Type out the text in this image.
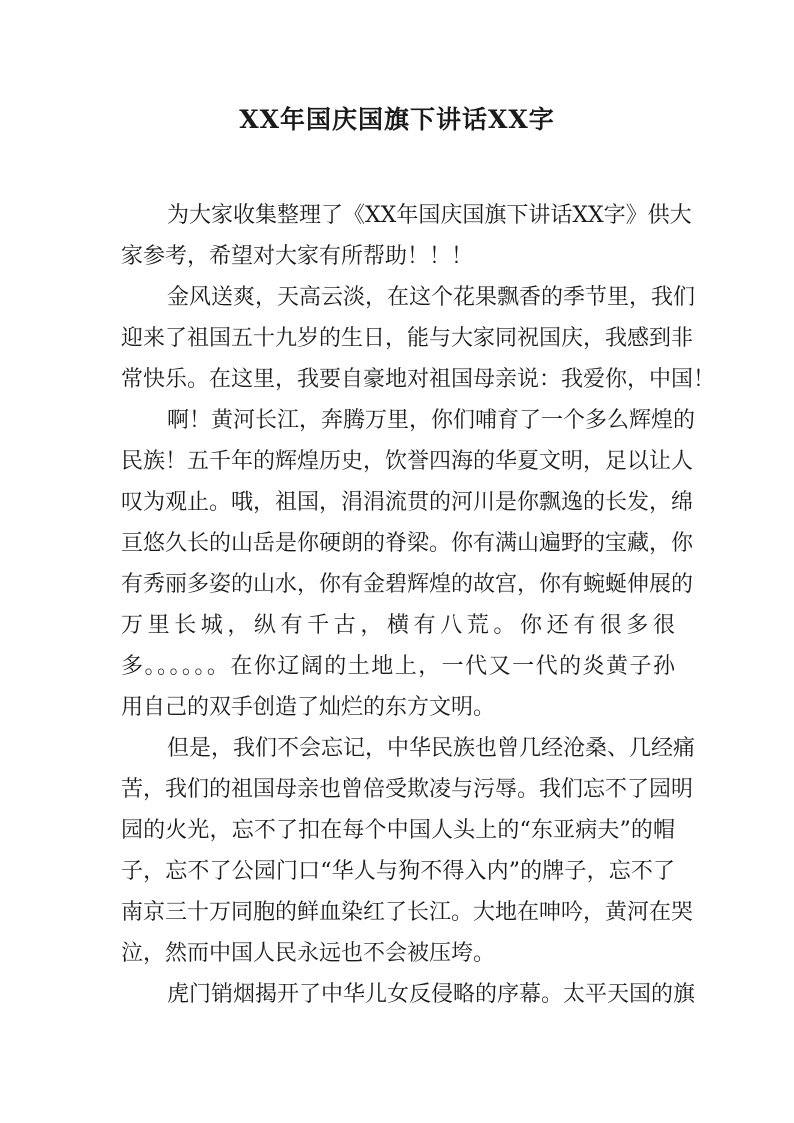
XX年国庆国旗下讲话XX字
为大家收集整理了《XX年国庆国旗下讲话XX字》供大
家参考，希望对大家有所帮助！！！
金风送爽，天高云淡，在这个花果飘香的季节里，我们
迎来了祖国五十九岁的生日，能与大家同祝国庆，我感到非
常快乐。在这里，我要自豪地对祖国母亲说：我爱你，中国！
啊！黄河长江，奔腾万里，你们哺育了一个多么辉煌的
民族！五千年的辉煌历史，饮誉四海的华夏文明，足以让人
叹为观止。哦，祖国，涓涓流贯的河川是你飘逸的长发，绵
亘悠久长的山岳是你硬朗的脊梁。你有满山遍野的宝藏，你
有秀丽多姿的山水，你有金碧辉煌的故宫，你有蜿蜒伸展的
万里长城，纵有千古，横有八荒。你还有很多很
多。。。。。。在你辽阔的土地上，一代又一代的炎黄子孙
用自己的双手创造了灿烂的东方文明。
但是，我们不会忘记，中华民族也曾几经沧桑、几经痛
苦，我们的祖国母亲也曾倍受欺凌与污辱。我们忘不了园明
园的火光，忘不了扣在每个中国人头上的“东亚病夫”的帽
子，忘不了公园门口“华人与狗不得入内”的牌子，忘不了
南京三十万同胞的鲜血染红了长江。大地在呻吟，黄河在哭
泣，然而中国人民永远也不会被压垮。
虎门销烟揭开了中华儿女反侵略的序幕。太平天国的旗
